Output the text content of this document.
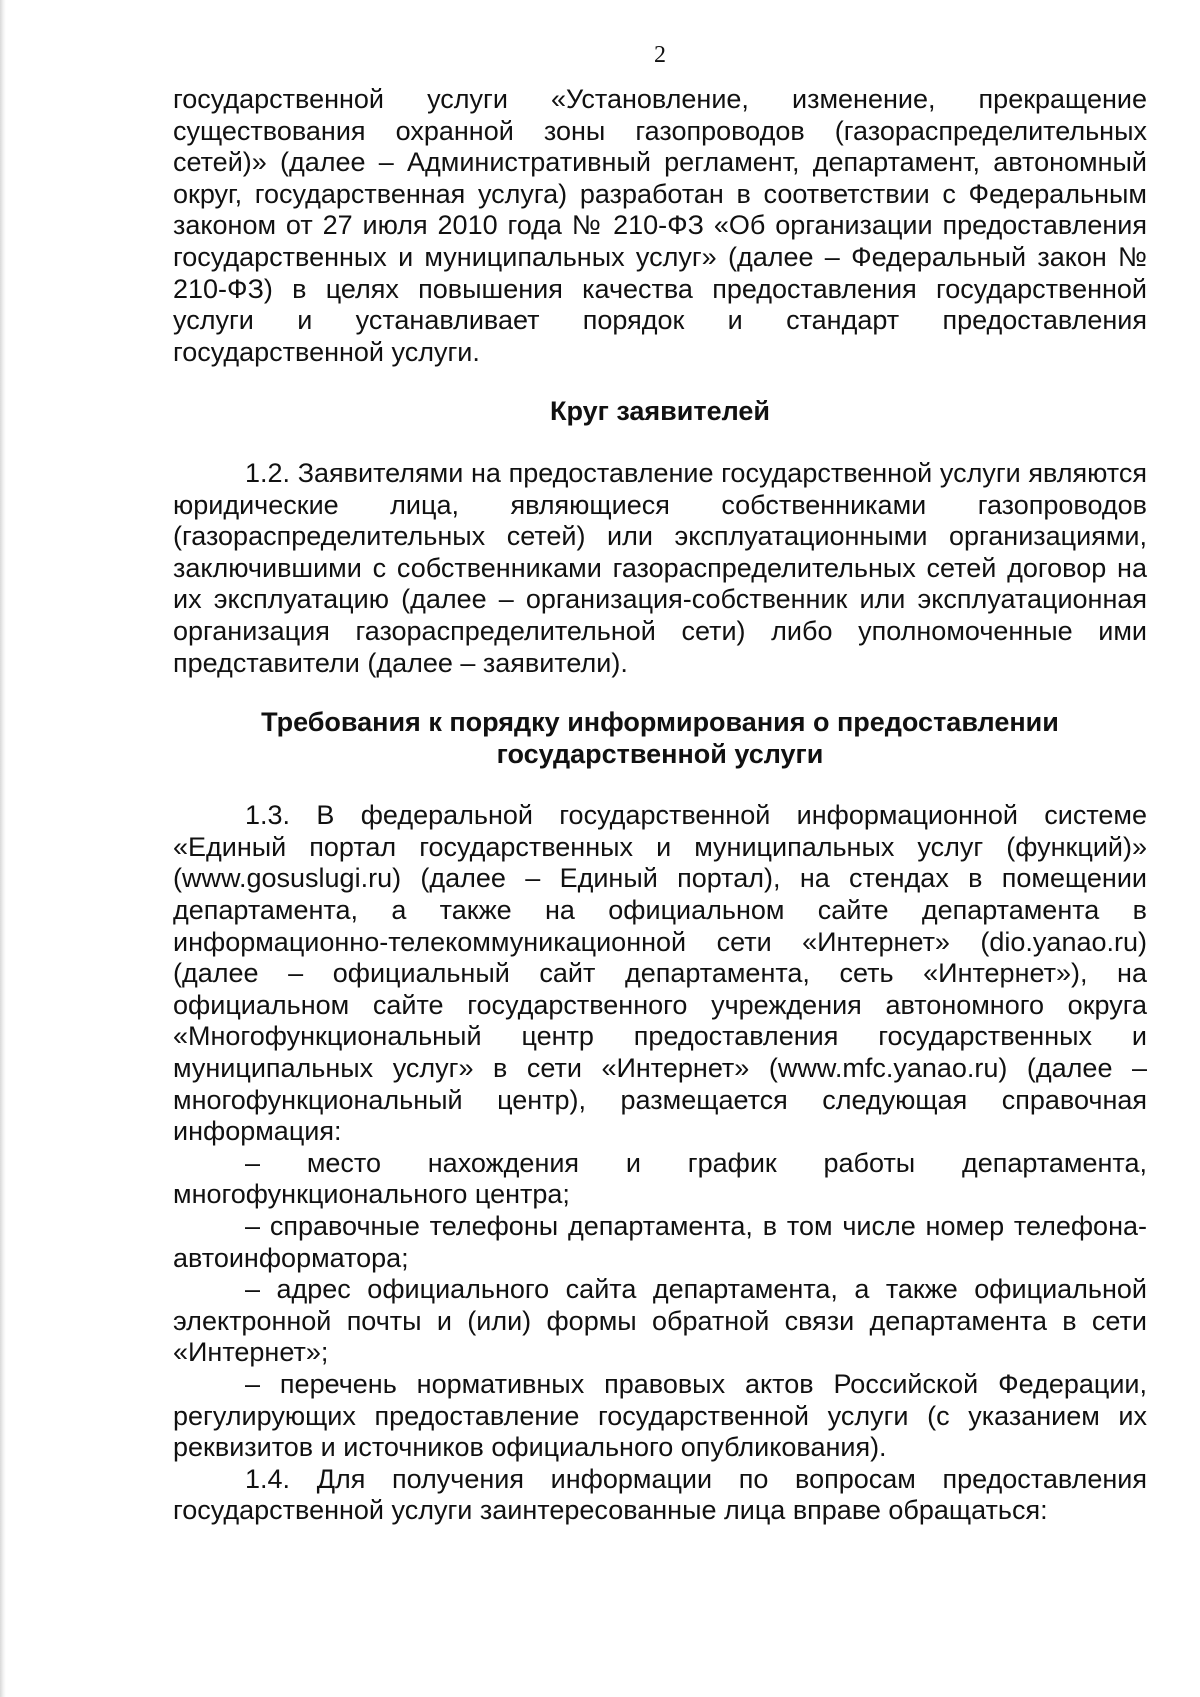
2

государственной услуги «Установление, изменение, прекращение существования охранной зоны газопроводов (газораспределительных сетей)» (далее – Административный регламент, департамент, автономный округ, государственная услуга) разработан в соответствии с Федеральным законом от 27 июля 2010 года № 210-ФЗ «Об организации предоставления государственных и муниципальных услуг» (далее – Федеральный закон № 210-ФЗ) в целях повышения качества предоставления государственной услуги и устанавливает порядок и стандарт предоставления государственной услуги.

Круг заявителей

1.2. Заявителями на предоставление государственной услуги являются юридические лица, являющиеся собственниками газопроводов (газораспределительных сетей) или эксплуатационными организациями, заключившими с собственниками газораспределительных сетей договор на их эксплуатацию (далее – организация-собственник или эксплуатационная организация газораспределительной сети) либо уполномоченные ими представители (далее – заявители).

Требования к порядку информирования о предоставлении
государственной услуги

1.3. В федеральной государственной информационной системе «Единый портал государственных и муниципальных услуг (функций)» (www.gosuslugi.ru) (далее – Единый портал), на стендах в помещении департамента, а также на официальном сайте департамента в информационно-телекоммуникационной сети «Интернет» (dio.yanao.ru) (далее – официальный сайт департамента, сеть «Интернет»), на официальном сайте государственного учреждения автономного округа «Многофункциональный центр предоставления государственных и муниципальных услуг» в сети «Интернет» (www.mfc.yanao.ru) (далее – многофункциональный центр), размещается следующая справочная информация:

– место нахождения и график работы департамента, многофункционального центра;

– справочные телефоны департамента, в том числе номер телефона-автоинформатора;

– адрес официального сайта департамента, а также официальной электронной почты и (или) формы обратной связи департамента в сети «Интернет»;

– перечень нормативных правовых актов Российской Федерации, регулирующих предоставление государственной услуги (с указанием их реквизитов и источников официального опубликования).

1.4. Для получения информации по вопросам предоставления государственной услуги заинтересованные лица вправе обращаться:
